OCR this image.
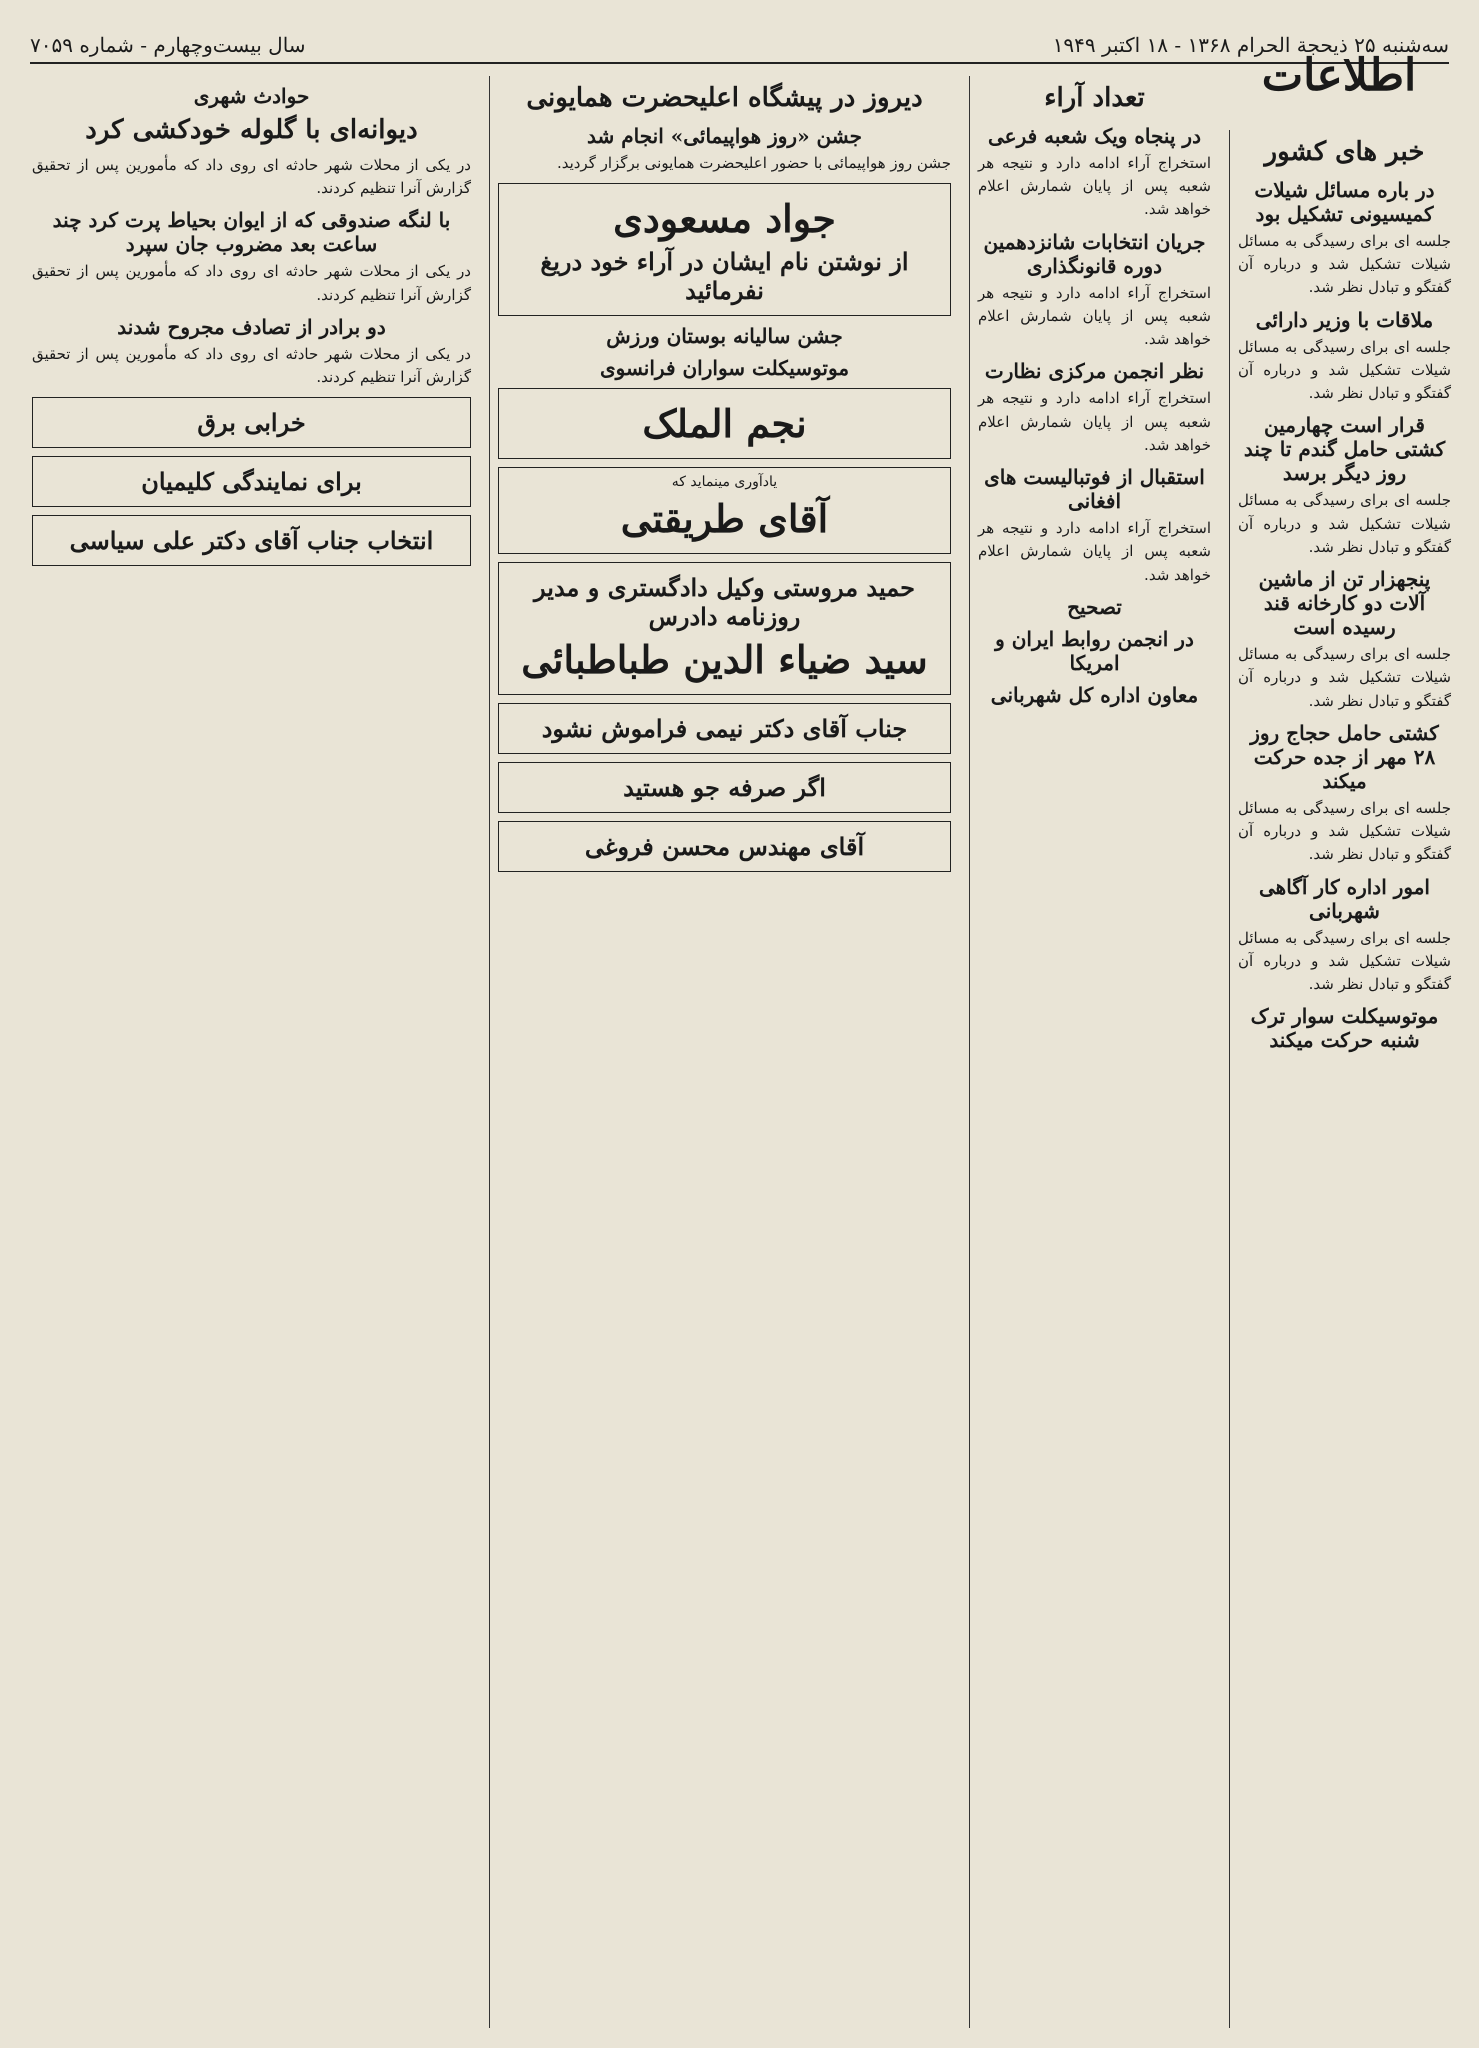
سه‌شنبه ۲۵ ذیحجة الحرام ۱۳۶۸ - ۱۸ اکتبر ۱۹۴۹
سال بیست‌وچهارم - شماره ۷۰۵۹
اطلاعات
خبر های کشور
در باره مسائل شیلات کمیسیونی تشکیل بود

جلسه ای برای رسیدگی به مسائل شیلات تشکیل شد و درباره آن گفتگو و تبادل نظر شد.

ملاقات با وزیر دارائی

جلسه ای برای رسیدگی به مسائل شیلات تشکیل شد و درباره آن گفتگو و تبادل نظر شد.

قرار است چهارمین کشتی حامل گندم تا چند روز دیگر برسد

جلسه ای برای رسیدگی به مسائل شیلات تشکیل شد و درباره آن گفتگو و تبادل نظر شد.

پنجهزار تن از ماشین آلات دو کارخانه قند رسیده است

جلسه ای برای رسیدگی به مسائل شیلات تشکیل شد و درباره آن گفتگو و تبادل نظر شد.

کشتی حامل حجاج روز ۲۸ مهر از جده حرکت میکند

جلسه ای برای رسیدگی به مسائل شیلات تشکیل شد و درباره آن گفتگو و تبادل نظر شد.

امور اداره کار آگاهی شهربانی

جلسه ای برای رسیدگی به مسائل شیلات تشکیل شد و درباره آن گفتگو و تبادل نظر شد.

موتوسیکلت سوار ترک شنبه حرکت میکند
تعداد آراء
در پنجاه ویک شعبه فرعی

استخراج آراء ادامه دارد و نتیجه هر شعبه پس از پایان شمارش اعلام خواهد شد.

جریان انتخابات شانزدهمین دوره قانونگذاری

استخراج آراء ادامه دارد و نتیجه هر شعبه پس از پایان شمارش اعلام خواهد شد.

نظر انجمن مرکزی نظارت

استخراج آراء ادامه دارد و نتیجه هر شعبه پس از پایان شمارش اعلام خواهد شد.

استقبال از فوتبالیست های افغانی

استخراج آراء ادامه دارد و نتیجه هر شعبه پس از پایان شمارش اعلام خواهد شد.

تصحیح
در انجمن روابط ایران و امریکا
معاون اداره کل شهربانی
دیروز در پیشگاه اعلیحضرت همایونی
جشن «روز هواپیمائی» انجام شد

جشن روز هواپیمائی با حضور اعلیحضرت همایونی برگزار گردید.

جواد مسعودی
از نوشتن نام ایشان در آراء خود دریغ نفرمائید
جشن سالیانه بوستان ورزش
موتوسیکلت سواران فرانسوی
نجم الملک
یادآوری مینماید که
آقای طریقتی
حمید مروستی وکیل دادگستری و مدیر روزنامه دادرس
سید ضیاء الدین طباطبائی
جناب آقای دکتر نیمی فراموش نشود
اگر صرفه جو هستید
آقای مهندس محسن فروغی
حوادث شهری
دیوانه‌ای با گلوله خودکشی کرد

در یکی از محلات شهر حادثه ای روی داد که مأمورین پس از تحقیق گزارش آنرا تنظیم کردند.

با لنگه صندوقی که از ایوان بحیاط پرت کرد چند ساعت بعد مضروب جان سپرد

در یکی از محلات شهر حادثه ای روی داد که مأمورین پس از تحقیق گزارش آنرا تنظیم کردند.

دو برادر از تصادف مجروح شدند

در یکی از محلات شهر حادثه ای روی داد که مأمورین پس از تحقیق گزارش آنرا تنظیم کردند.

خرابی برق
برای نمایندگی کلیمیان
انتخاب جناب آقای دکتر علی سیاسی
